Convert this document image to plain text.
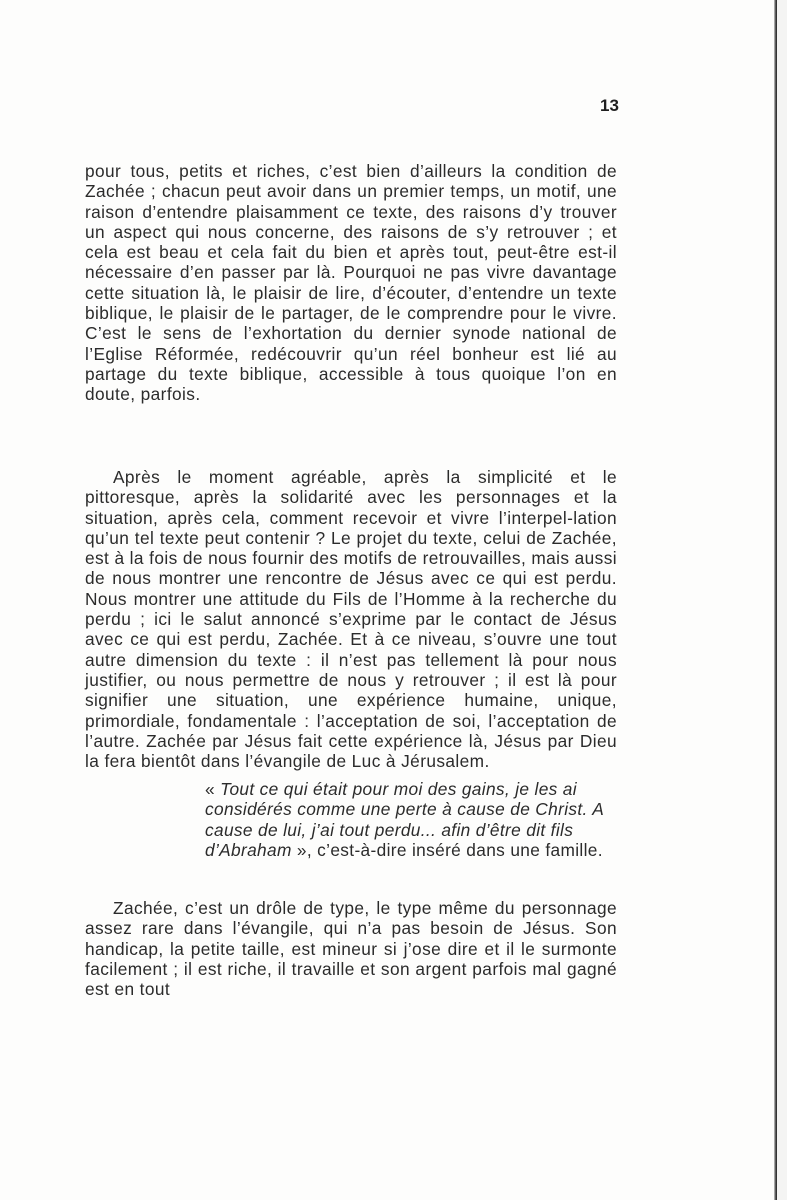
13

pour tous, petits et riches, c’est bien d’ailleurs la condition de Zachée ; chacun peut avoir dans un premier temps, un motif, une raison d’entendre plaisamment ce texte, des raisons d’y trouver un aspect qui nous concerne, des raisons de s’y retrouver ; et cela est beau et cela fait du bien et après tout, peut-être est-il nécessaire d’en passer par là. Pourquoi ne pas vivre davantage cette situation là, le plaisir de lire, d’écouter, d’entendre un texte biblique, le plaisir de le partager, de le comprendre pour le vivre. C’est le sens de l’exhortation du dernier synode national de l’Eglise Réformée, redécouvrir qu’un réel bonheur est lié au partage du texte biblique, accessible à tous quoique l’on en doute, parfois.

Après le moment agréable, après la simplicité et le pittoresque, après la solidarité avec les personnages et la situation, après cela, comment recevoir et vivre l’interpel-lation qu’un tel texte peut contenir ? Le projet du texte, celui de Zachée, est à la fois de nous fournir des motifs de retrouvailles, mais aussi de nous montrer une rencontre de Jésus avec ce qui est perdu. Nous montrer une attitude du Fils de l’Homme à la recherche du perdu ; ici le salut annoncé s’exprime par le contact de Jésus avec ce qui est perdu, Zachée. Et à ce niveau, s’ouvre une tout autre dimension du texte : il n’est pas tellement là pour nous justifier, ou nous permettre de nous y retrouver ; il est là pour signifier une situation, une expérience humaine, unique, primordiale, fondamentale : l’acceptation de soi, l’acceptation de l’autre. Zachée par Jésus fait cette expérience là, Jésus par Dieu la fera bientôt dans l’évangile de Luc à Jérusalem.

« Tout ce qui était pour moi des gains, je les ai considérés comme une perte à cause de Christ. A cause de lui, j’ai tout perdu... afin d’être dit fils d’Abraham », c’est-à-dire inséré dans une famille.

Zachée, c’est un drôle de type, le type même du personnage assez rare dans l’évangile, qui n’a pas besoin de Jésus. Son handicap, la petite taille, est mineur si j’ose dire et il le surmonte facilement ; il est riche, il travaille et son argent parfois mal gagné est en tout
